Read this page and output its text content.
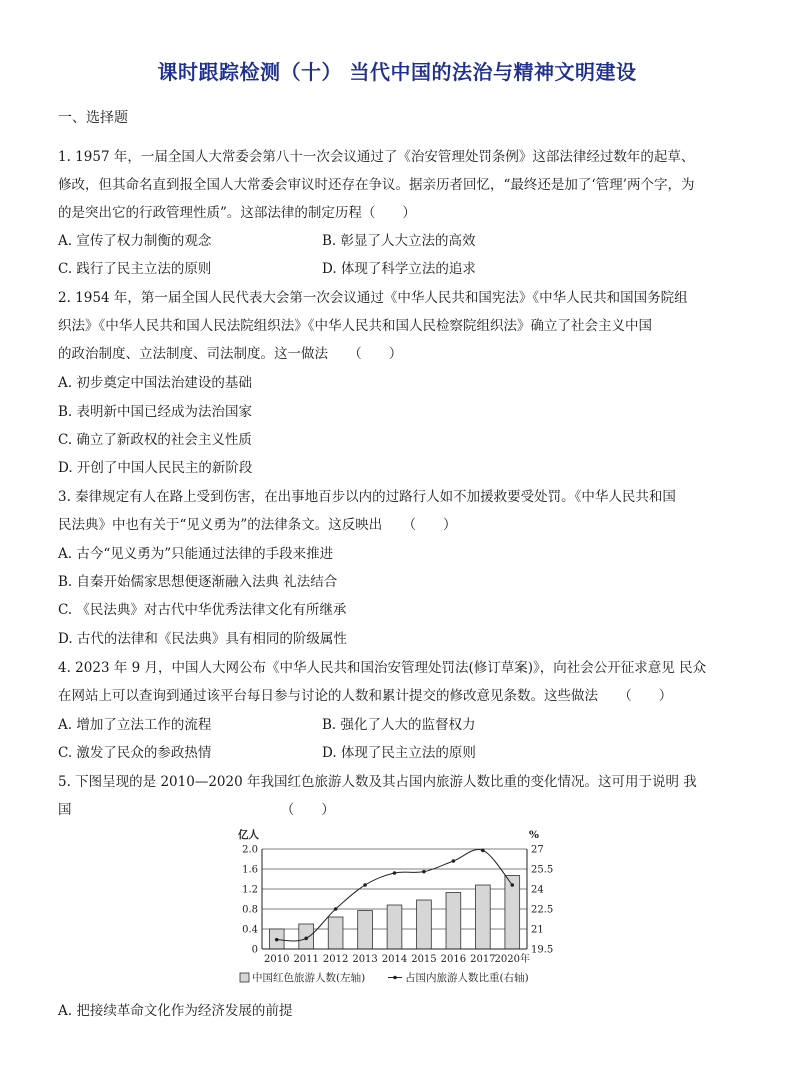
课时跟踪检测（十） 当代中国的法治与精神文明建设
一、选择题
1. 1957 年，一届全国人大常委会第八十一次会议通过了《治安管理处罚条例》这部法律经过数年的起草、
修改，但其命名直到报全国人大常委会审议时还存在争议。据亲历者回忆，“最终还是加了‘管理’两个字，为
的是突出它的行政管理性质”。这部法律的制定历程（　　）
A. 宣传了权力制衡的观念	B. 彰显了人大立法的高效
C. 践行了民主立法的原则	D. 体现了科学立法的追求
2. 1954 年，第一届全国人民代表大会第一次会议通过《中华人民共和国宪法》《中华人民共和国国务院组
织法》《中华人民共和国人民法院组织法》《中华人民共和国人民检察院组织法》确立了社会主义中国
的政治制度、立法制度、司法制度。这一做法　　（　　）
A. 初步奠定中国法治建设的基础
B. 表明新中国已经成为法治国家
C. 确立了新政权的社会主义性质
D. 开创了中国人民民主的新阶段
3. 秦律规定有人在路上受到伤害，在出事地百步以内的过路行人如不加援救要受处罚。《中华人民共和国
民法典》中也有关于“见义勇为”的法律条文。这反映出　　（　　）
A. 古今“见义勇为”只能通过法律的手段来推进
B. 自秦开始儒家思想便逐渐融入法典 礼法结合
C. 《民法典》对古代中华优秀法律文化有所继承
D. 古代的法律和《民法典》具有相同的阶级属性
4. 2023 年 9 月，中国人大网公布《中华人民共和国治安管理处罚法(修订草案)》，向社会公开征求意见 民众
在网站上可以查询到通过该平台每日参与讨论的人数和累计提交的修改意见条数。这些做法　　（　　）
A. 增加了立法工作的流程	B. 强化了人大的监督权力
C. 激发了民众的参政热情	D. 体现了民主立法的原则
5. 下图呈现的是 2010—2020 年我国红色旅游人数及其占国内旅游人数比重的变化情况。这可用于说明 我
国　　　　　　　　　　　　　　　　（　　）
2.0
1.6
1.2
0.8
0.4
0
27
25.5
24
22.5
21
19.5
亿人	%
2010 2011 2012 2013 2014 2015 2016 2017
2020年
中国红色旅游人数(左轴)	占国内旅游人数比重(右轴)
A. 把接续革命文化作为经济发展的前提
